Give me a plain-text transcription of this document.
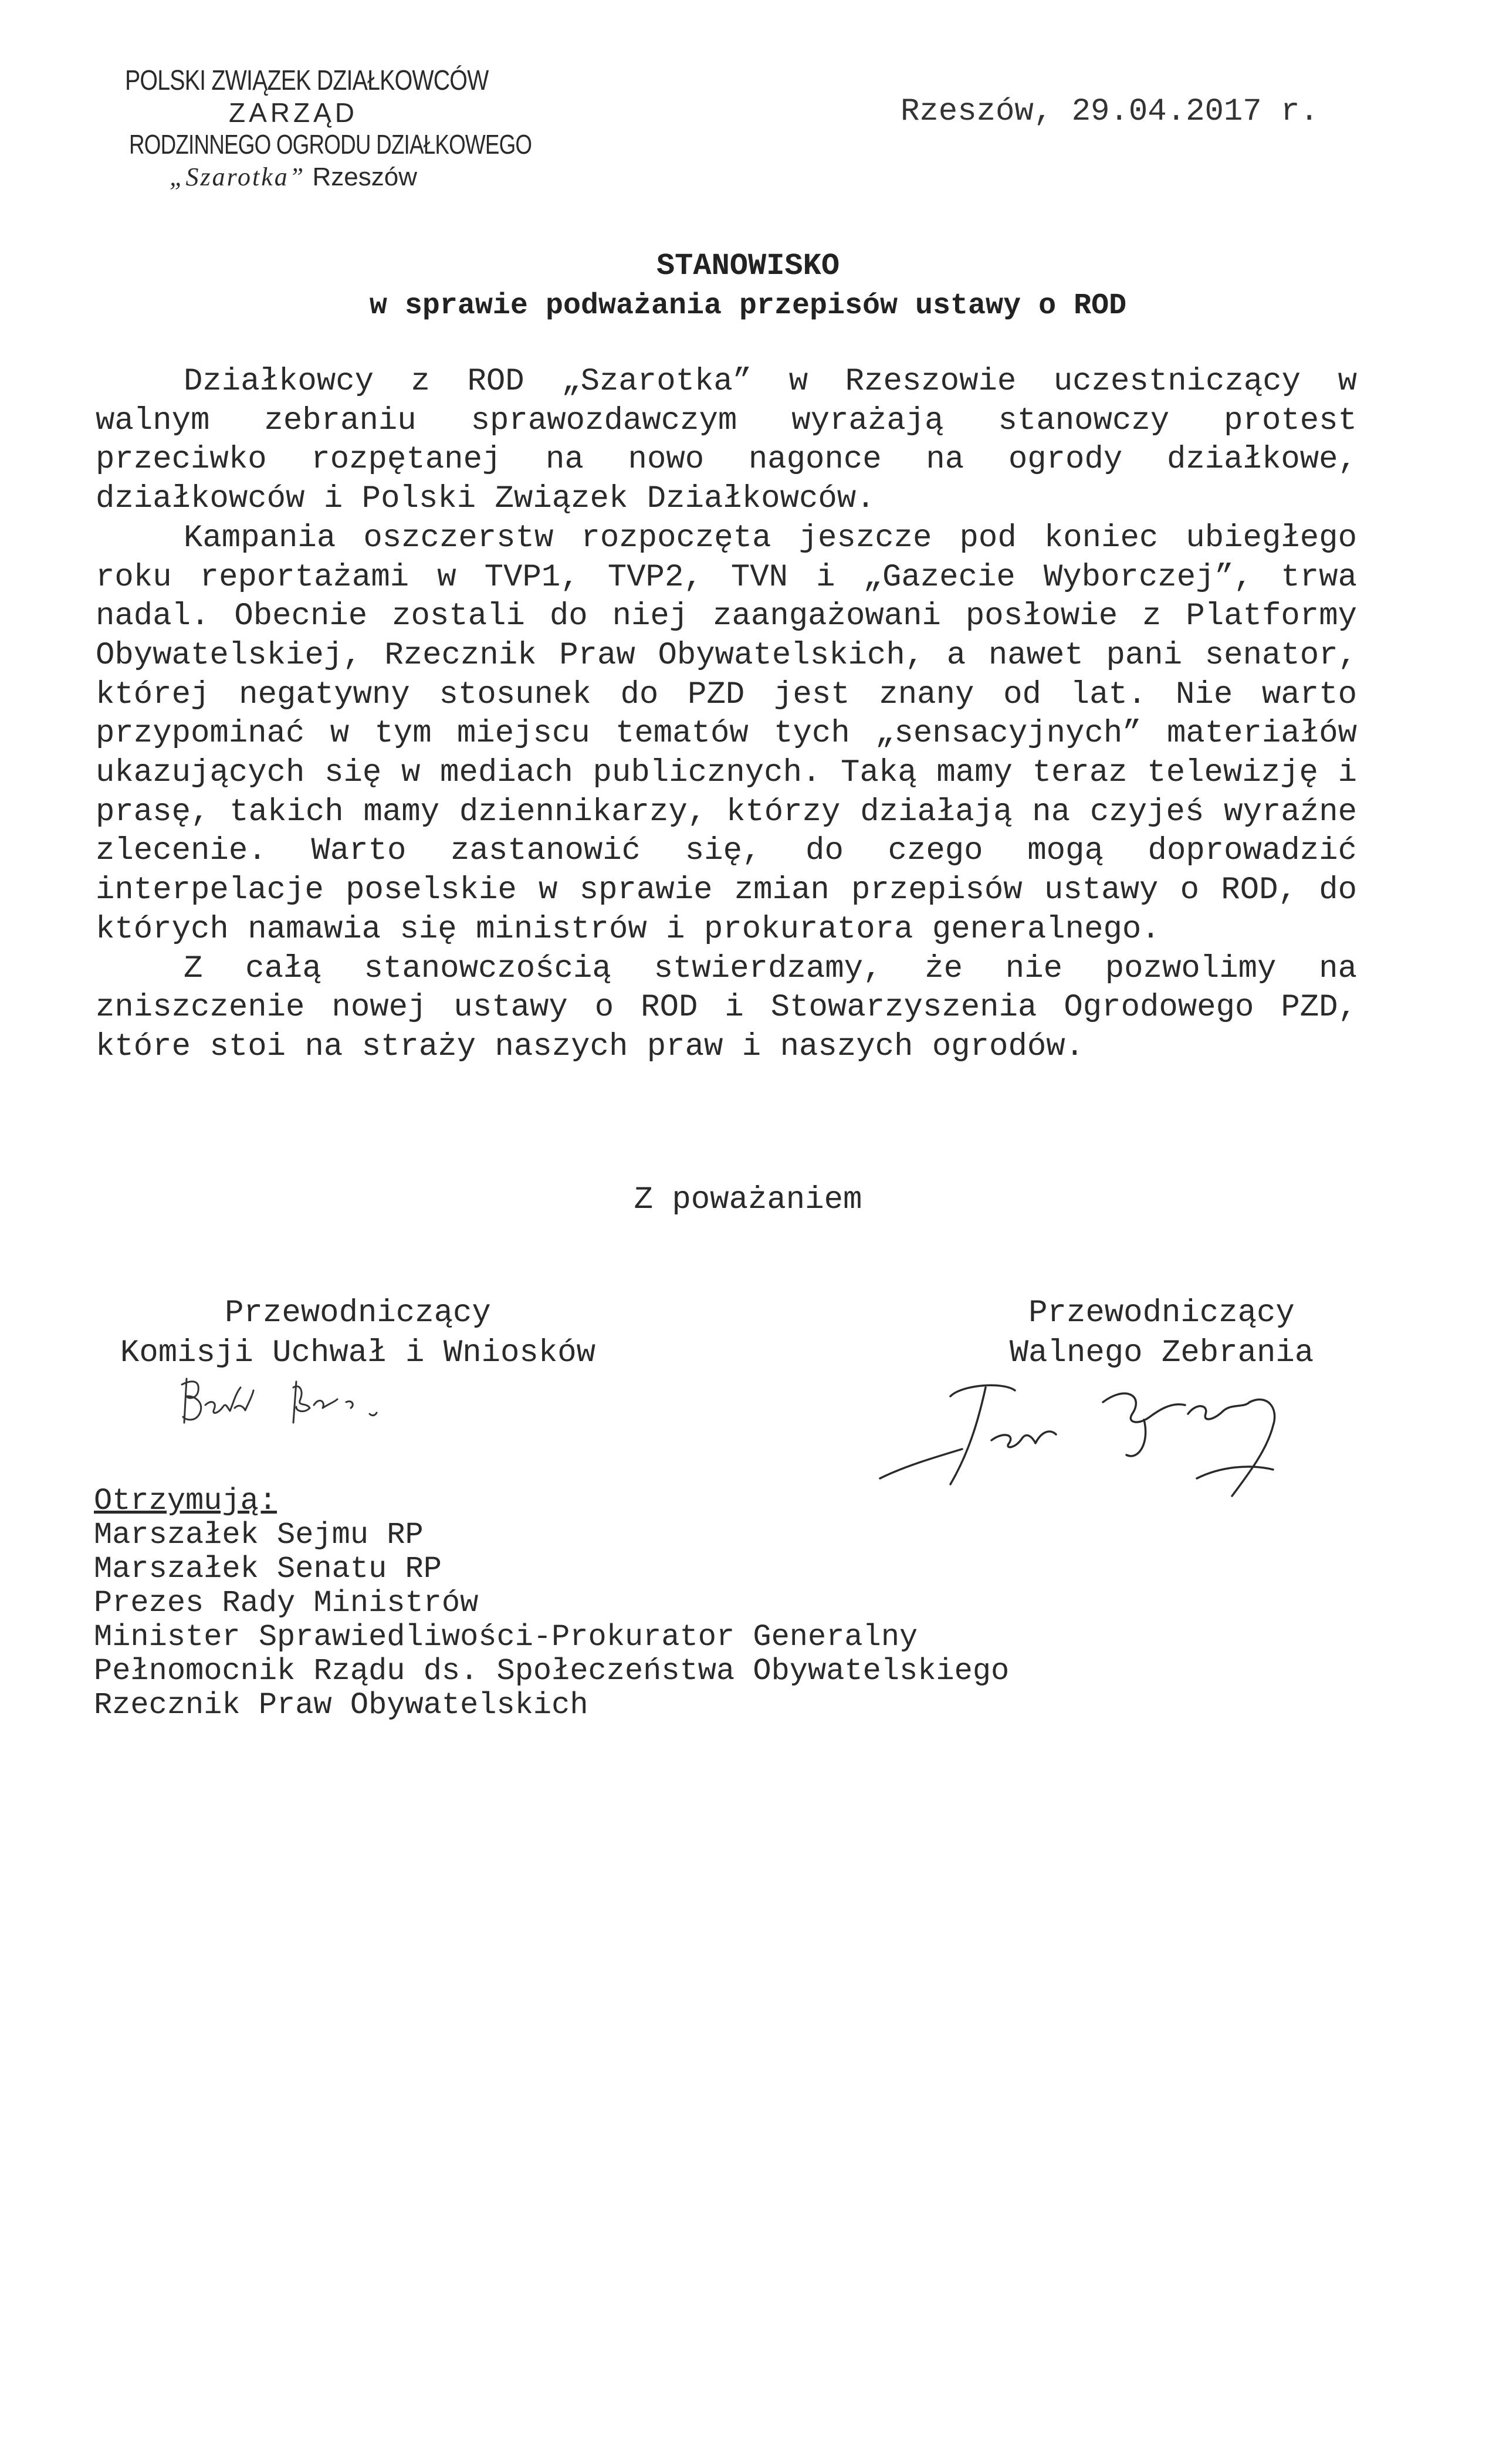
POLSKI ZWIĄZEK DZIAŁKOWCÓW
ZARZĄD
RODZINNEGO OGRODU DZIAŁKOWEGO
„Szarotka” Rzeszów
Rzeszów, 29.04.2017 r.
STANOWISKO
w sprawie podważania przepisów ustawy o ROD

Działkowcy z ROD „Szarotka” w Rzeszowie uczestniczący w walnym zebraniu sprawozdawczym wyrażają stanowczy protest przeciwko rozpętanej na nowo nagonce na ogrody działkowe, działkowców i Polski Związek Działkowców.

Kampania oszczerstw rozpoczęta jeszcze pod koniec ubiegłego roku reportażami w TVP1, TVP2, TVN i „Gazecie Wyborczej”, trwa nadal. Obecnie zostali do niej zaangażowani posłowie z Platformy Obywatelskiej, Rzecznik Praw Obywatelskich, a nawet pani senator, której negatywny stosunek do PZD jest znany od lat. Nie warto przypominać w tym miejscu tematów tych „sensacyjnych” materiałów ukazujących się w mediach publicznych. Taką mamy teraz telewizję i prasę, takich mamy dziennikarzy, którzy działają na czyjeś wyraźne zlecenie. Warto zastanowić się, do czego mogą doprowadzić interpelacje poselskie w sprawie zmian przepisów ustawy o ROD, do których namawia się ministrów i prokuratora generalnego.

Z całą stanowczością stwierdzamy, że nie pozwolimy na zniszczenie nowej ustawy o ROD i Stowarzyszenia Ogrodowego PZD, które stoi na straży naszych praw i naszych ogrodów.

Z poważaniem
Przewodniczący
Komisji Uchwał i Wniosków
Przewodniczący
Walnego Zebrania
Otrzymują:
Marszałek Sejmu RP
Marszałek Senatu RP
Prezes Rady Ministrów
Minister Sprawiedliwości-Prokurator Generalny
Pełnomocnik Rządu ds. Społeczeństwa Obywatelskiego
Rzecznik Praw Obywatelskich
